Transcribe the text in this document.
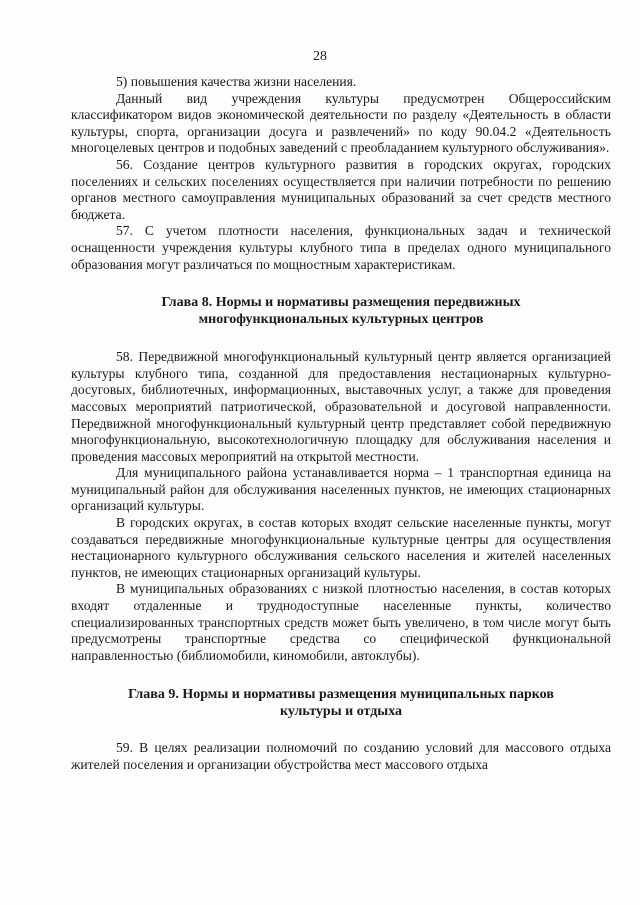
28

5) повышения качества жизни населения.

Данный вид учреждения культуры предусмотрен Общероссийским классификатором видов экономической деятельности по разделу «Деятельность в области культуры, спорта, организации досуга и развлечений» по коду 90.04.2 «Деятельность многоцелевых центров и подобных заведений с преобладанием культурного обслуживания».

56. Создание центров культурного развития в городских округах, городских поселениях и сельских поселениях осуществляется при наличии потребности по решению органов местного самоуправления муниципальных образований за счет средств местного бюджета.

57. С учетом плотности населения, функциональных задач и технической оснащенности учреждения культуры клубного типа в пределах одного муниципального образования могут различаться по мощностным характеристикам.

Глава 8. Нормы и нормативы размещения передвижных
многофункциональных культурных центров

58. Передвижной многофункциональный культурный центр является организацией культуры клубного типа, созданной для предоставления нестационарных культурно-досуговых, библиотечных, информационных, выставочных услуг, а также для проведения массовых мероприятий патриотической, образовательной и досуговой направленности. Передвижной многофункциональный культурный центр представляет собой передвижную многофункциональную, высокотехнологичную площадку для обслуживания населения и проведения массовых мероприятий на открытой местности.

Для муниципального района устанавливается норма – 1 транспортная единица на муниципальный район для обслуживания населенных пунктов, не имеющих стационарных организаций культуры.

В городских округах, в состав которых входят сельские населенные пункты, могут создаваться передвижные многофункциональные культурные центры для осуществления нестационарного культурного обслуживания сельского населения и жителей населенных пунктов, не имеющих стационарных организаций культуры.

В муниципальных образованиях с низкой плотностью населения, в состав которых входят отдаленные и труднодоступные населенные пункты, количество специализированных транспортных средств может быть увеличено, в том числе могут быть предусмотрены транспортные средства со специфической функциональной направленностью (библиомобили, киномобили, автоклубы).

Глава 9. Нормы и нормативы размещения муниципальных парков
культуры и отдыха

59. В целях реализации полномочий по созданию условий для массового отдыха жителей поселения и организации обустройства мест массового отдыха
